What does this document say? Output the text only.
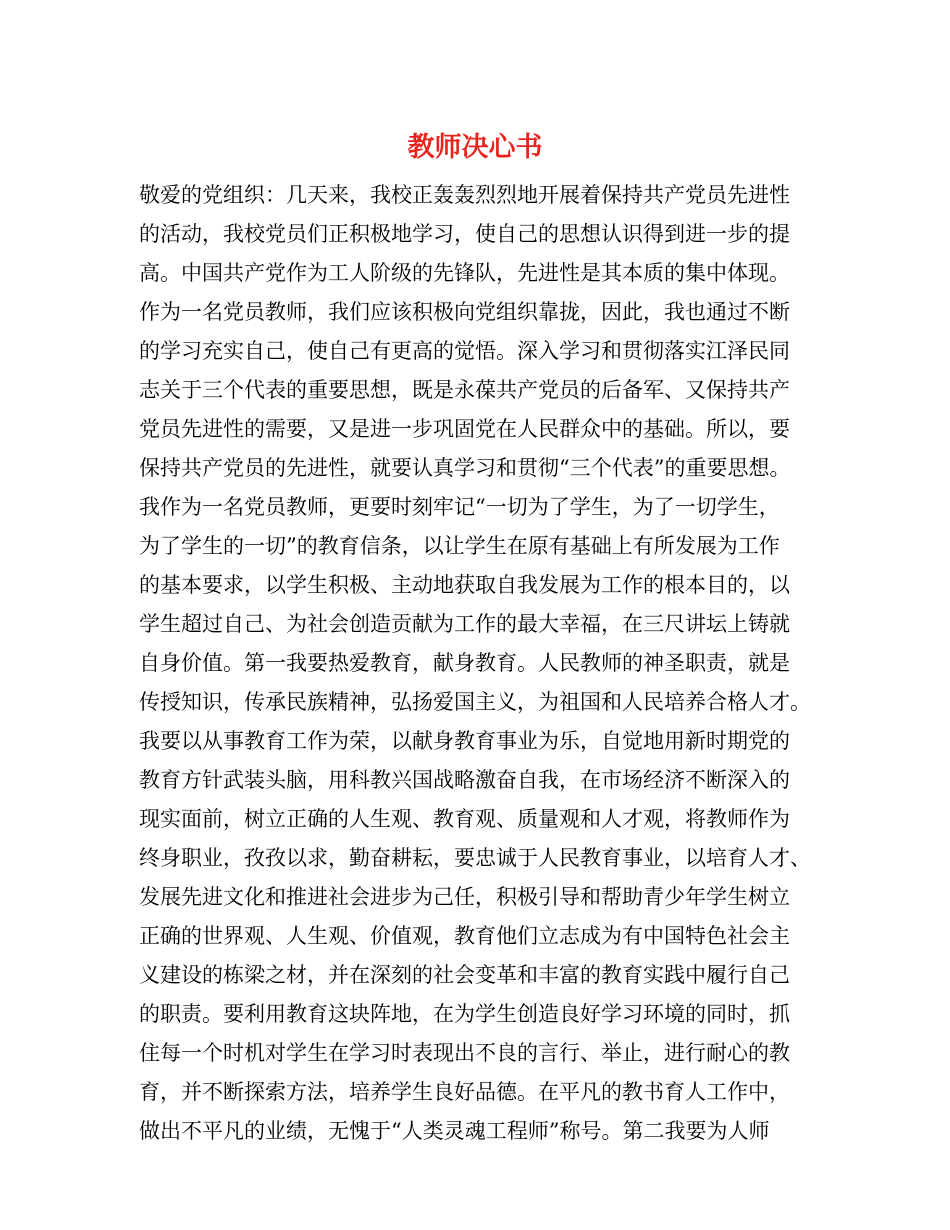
教师决心书
敬爱的党组织：几天来，我校正轰轰烈烈地开展着保持共产党员先进性
的活动，我校党员们正积极地学习，使自己的思想认识得到进一步的提
高。中国共产党作为工人阶级的先锋队，先进性是其本质的集中体现。
作为一名党员教师，我们应该积极向党组织靠拢，因此，我也通过不断
的学习充实自己，使自己有更高的觉悟。深入学习和贯彻落实江泽民同
志关于三个代表的重要思想，既是永葆共产党员的后备军、又保持共产
党员先进性的需要，又是进一步巩固党在人民群众中的基础。所以，要
保持共产党员的先进性，就要认真学习和贯彻“三个代表”的重要思想。
我作为一名党员教师，更要时刻牢记“一切为了学生，为了一切学生，
为了学生的一切”的教育信条，以让学生在原有基础上有所发展为工作
的基本要求，以学生积极、主动地获取自我发展为工作的根本目的，以
学生超过自己、为社会创造贡献为工作的最大幸福，在三尺讲坛上铸就
自身价值。第一我要热爱教育，献身教育。人民教师的神圣职责，就是
传授知识，传承民族精神，弘扬爱国主义，为祖国和人民培养合格人才。
我要以从事教育工作为荣，以献身教育事业为乐，自觉地用新时期党的
教育方针武装头脑，用科教兴国战略激奋自我，在市场经济不断深入的
现实面前，树立正确的人生观、教育观、质量观和人才观，将教师作为
终身职业，孜孜以求，勤奋耕耘，要忠诚于人民教育事业，以培育人才、
发展先进文化和推进社会进步为己任，积极引导和帮助青少年学生树立
正确的世界观、人生观、价值观，教育他们立志成为有中国特色社会主
义建设的栋梁之材，并在深刻的社会变革和丰富的教育实践中履行自己
的职责。要利用教育这块阵地，在为学生创造良好学习环境的同时，抓
住每一个时机对学生在学习时表现出不良的言行、举止，进行耐心的教
育，并不断探索方法，培养学生良好品德。在平凡的教书育人工作中，
做出不平凡的业绩，无愧于“人类灵魂工程师”称号。第二我要为人师
